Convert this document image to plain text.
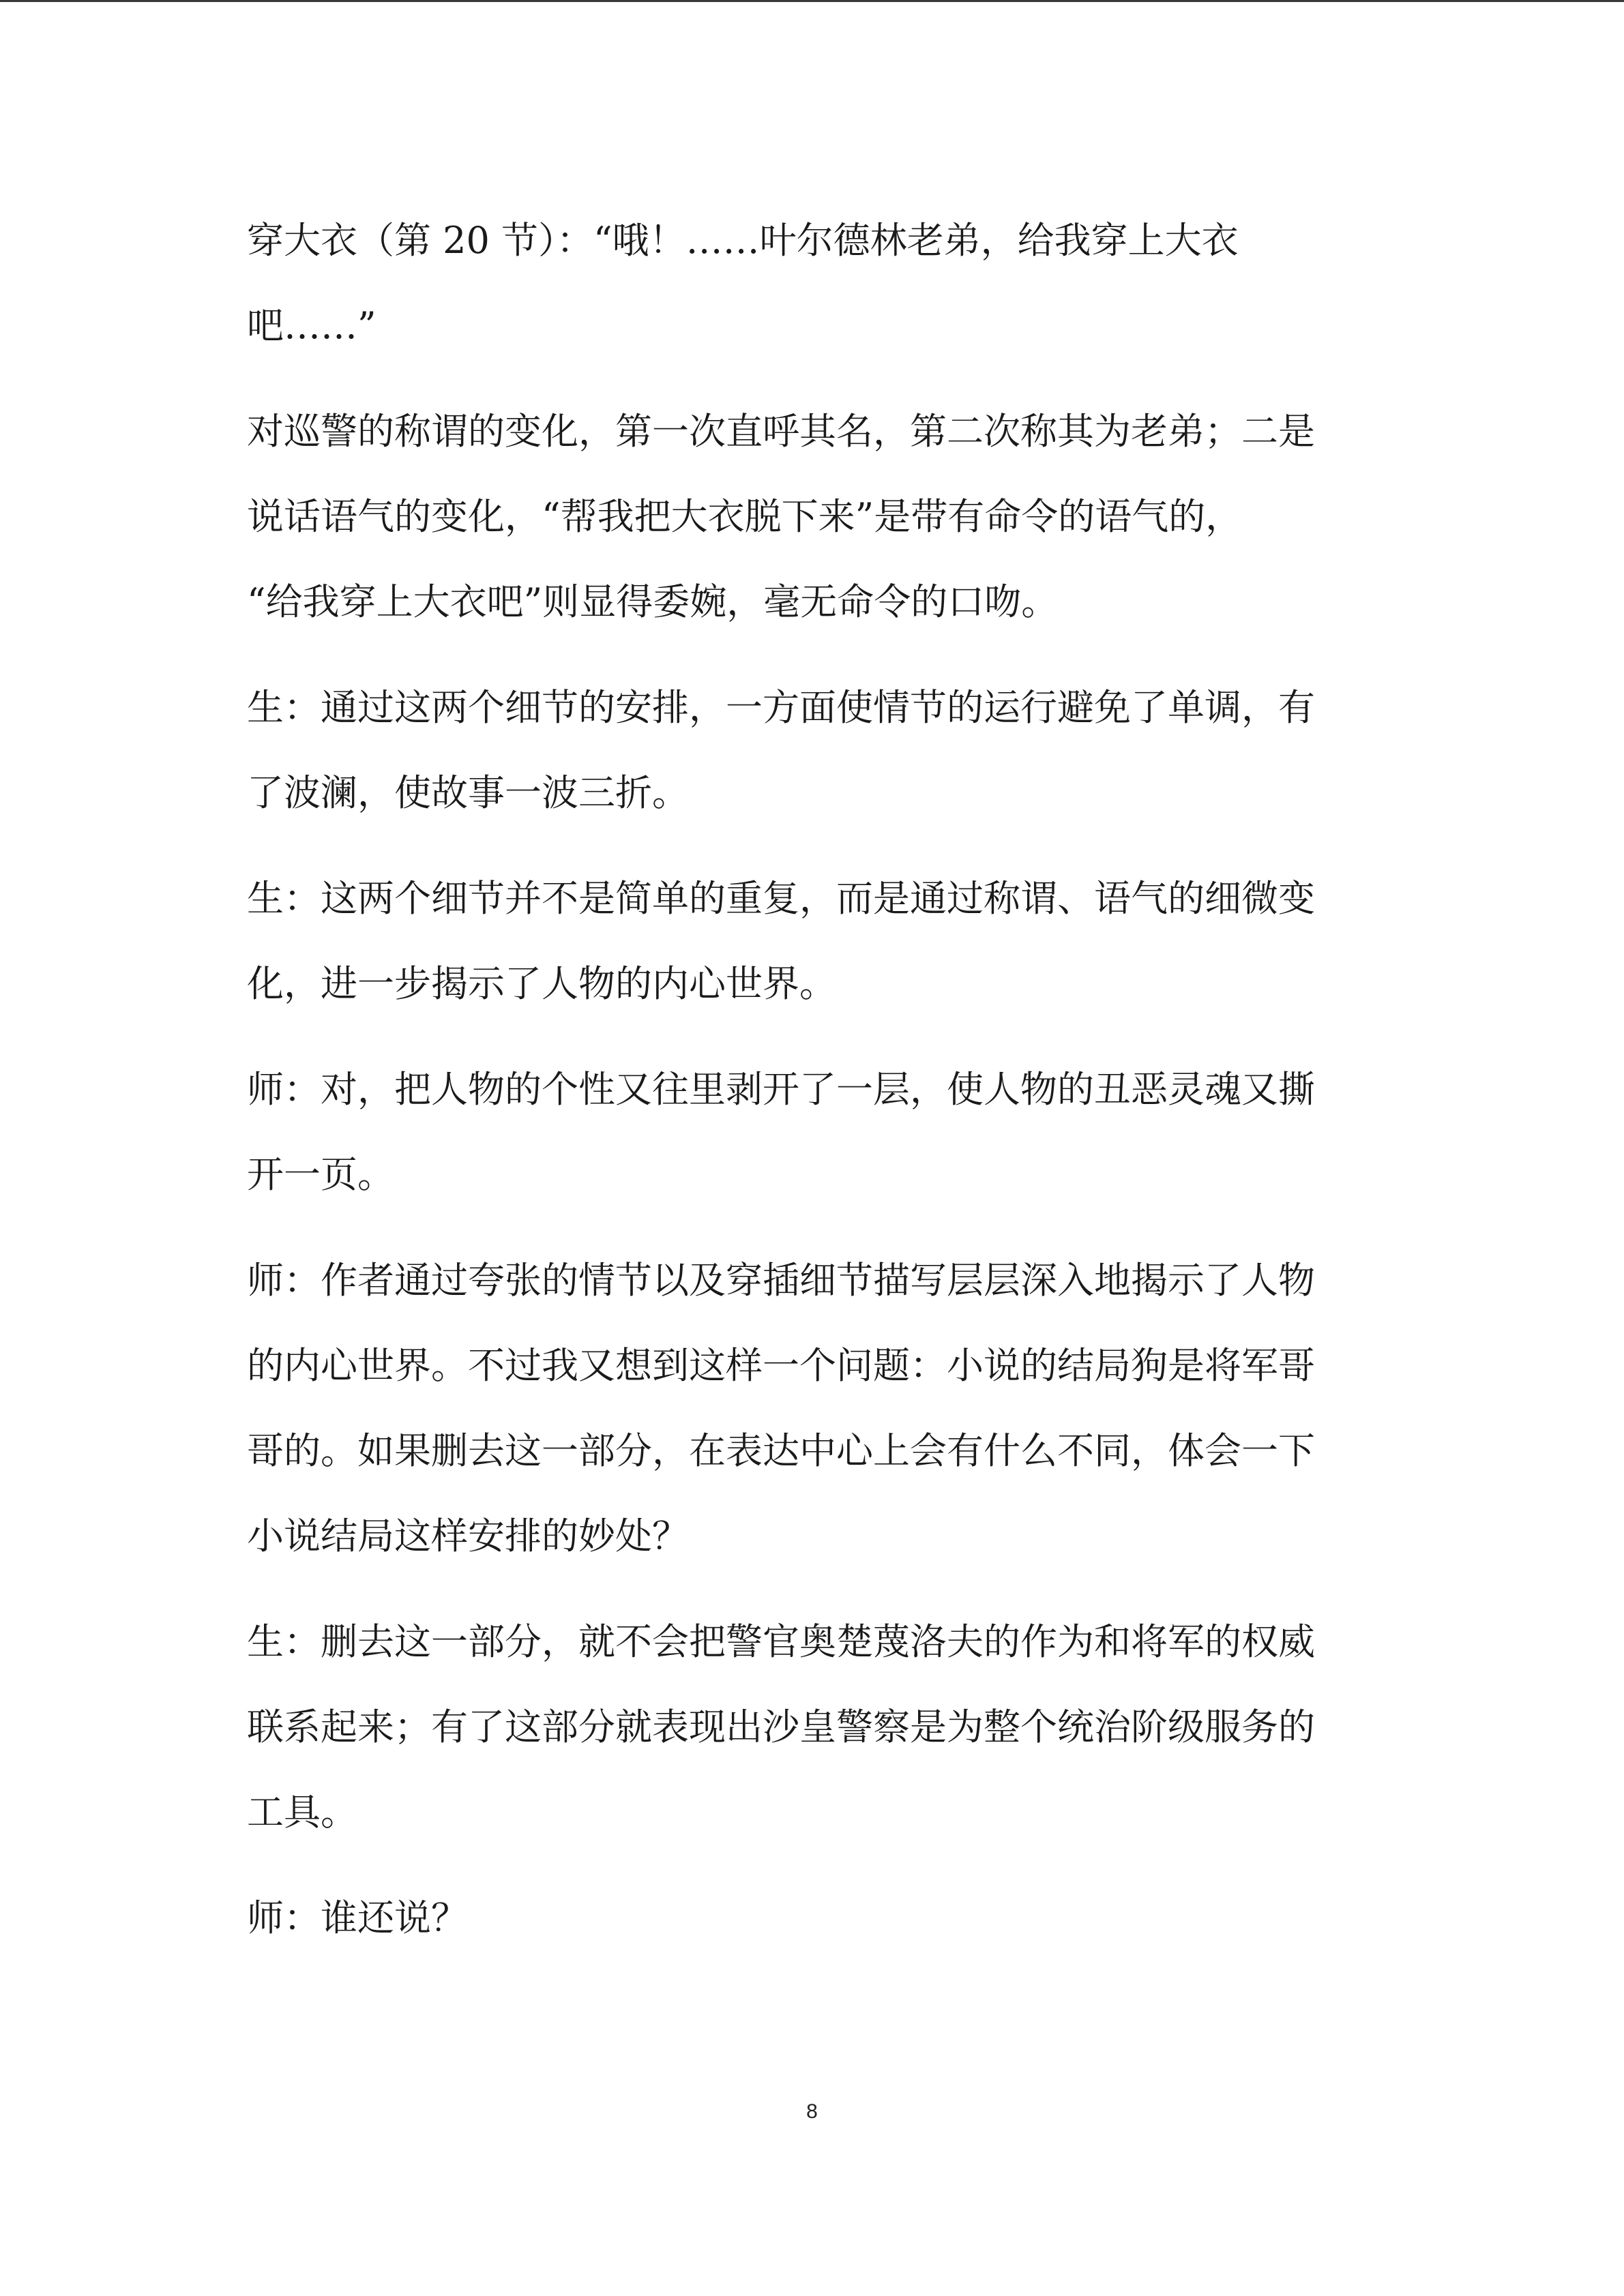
穿大衣（第 20 节）：“哦！……叶尔德林老弟，给我穿上大衣
吧……”

对巡警的称谓的变化，第一次直呼其名，第二次称其为老弟；二是
说话语气的变化，“帮我把大衣脱下来”是带有命令的语气的，
“给我穿上大衣吧”则显得委婉，毫无命令的口吻。

生：通过这两个细节的安排，一方面使情节的运行避免了单调，有
了波澜，使故事一波三折。

生：这两个细节并不是简单的重复，而是通过称谓、语气的细微变
化，进一步揭示了人物的内心世界。

师：对，把人物的个性又往里剥开了一层，使人物的丑恶灵魂又撕
开一页。

师：作者通过夸张的情节以及穿插细节描写层层深入地揭示了人物
的内心世界。不过我又想到这样一个问题：小说的结局狗是将军哥
哥的。如果删去这一部分，在表达中心上会有什么不同，体会一下
小说结局这样安排的妙处？

生：删去这一部分，就不会把警官奥楚蔑洛夫的作为和将军的权威
联系起来；有了这部分就表现出沙皇警察是为整个统治阶级服务的
工具。

师：谁还说？

8
